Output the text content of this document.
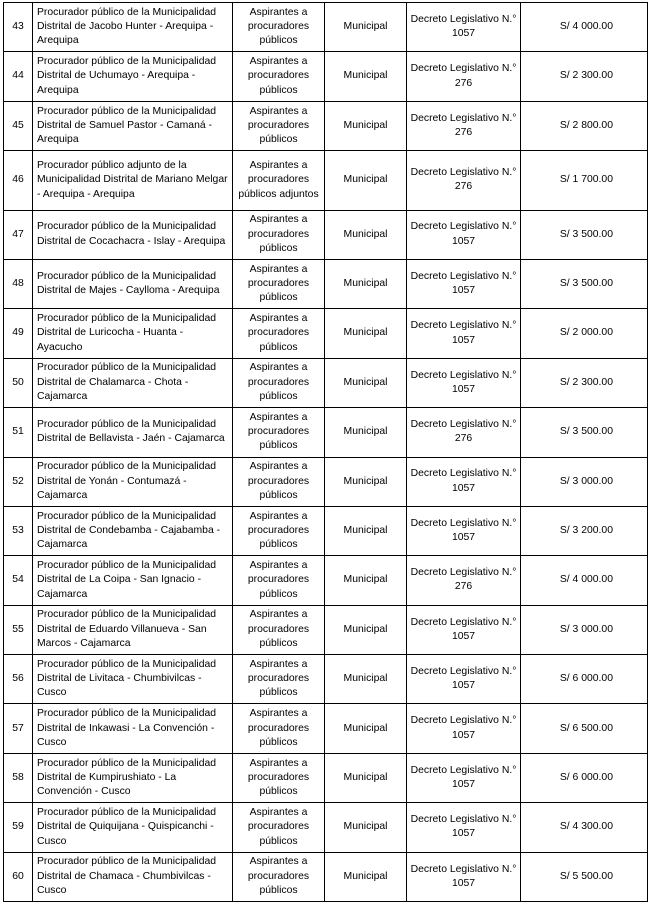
43	Procurador público de la Municipalidad Distrital de Jacobo Hunter - Arequipa - Arequipa	Aspirantes a procuradores públicos	Municipal	Decreto Legislativo N.° 1057	S/ 4 000.00
44	Procurador público de la Municipalidad Distrital de Uchumayo - Arequipa - Arequipa	Aspirantes a procuradores públicos	Municipal	Decreto Legislativo N.° 276	S/ 2 300.00
45	Procurador público de la Municipalidad Distrital de Samuel Pastor - Camaná - Arequipa	Aspirantes a procuradores públicos	Municipal	Decreto Legislativo N.° 276	S/ 2 800.00
46	Procurador público adjunto de la Municipalidad Distrital de Mariano Melgar - Arequipa - Arequipa	Aspirantes a procuradores públicos adjuntos	Municipal	Decreto Legislativo N.° 276	S/ 1 700.00
47	Procurador público de la Municipalidad Distrital de Cocachacra - Islay - Arequipa	Aspirantes a procuradores públicos	Municipal	Decreto Legislativo N.° 1057	S/ 3 500.00
48	Procurador público de la Municipalidad Distrital de Majes - Caylloma - Arequipa	Aspirantes a procuradores públicos	Municipal	Decreto Legislativo N.° 1057	S/ 3 500.00
49	Procurador público de la Municipalidad Distrital de Luricocha - Huanta - Ayacucho	Aspirantes a procuradores públicos	Municipal	Decreto Legislativo N.° 1057	S/ 2 000.00
50	Procurador público de la Municipalidad Distrital de Chalamarca - Chota - Cajamarca	Aspirantes a procuradores públicos	Municipal	Decreto Legislativo N.° 1057	S/ 2 300.00
51	Procurador público de la Municipalidad Distrital de Bellavista - Jaén - Cajamarca	Aspirantes a procuradores públicos	Municipal	Decreto Legislativo N.° 276	S/ 3 500.00
52	Procurador público de la Municipalidad Distrital de Yonán - Contumazá - Cajamarca	Aspirantes a procuradores públicos	Municipal	Decreto Legislativo N.° 1057	S/ 3 000.00
53	Procurador público de la Municipalidad Distrital de Condebamba - Cajabamba - Cajamarca	Aspirantes a procuradores públicos	Municipal	Decreto Legislativo N.° 1057	S/ 3 200.00
54	Procurador público de la Municipalidad Distrital de La Coipa - San Ignacio - Cajamarca	Aspirantes a procuradores públicos	Municipal	Decreto Legislativo N.° 276	S/ 4 000.00
55	Procurador público de la Municipalidad Distrital de Eduardo Villanueva - San Marcos - Cajamarca	Aspirantes a procuradores públicos	Municipal	Decreto Legislativo N.° 1057	S/ 3 000.00
56	Procurador público de la Municipalidad Distrital de Livitaca - Chumbivilcas - Cusco	Aspirantes a procuradores públicos	Municipal	Decreto Legislativo N.° 1057	S/ 6 000.00
57	Procurador público de la Municipalidad Distrital de Inkawasi - La Convención - Cusco	Aspirantes a procuradores públicos	Municipal	Decreto Legislativo N.° 1057	S/ 6 500.00
58	Procurador público de la Municipalidad Distrital de Kumpirushiato - La Convención - Cusco	Aspirantes a procuradores públicos	Municipal	Decreto Legislativo N.° 1057	S/ 6 000.00
59	Procurador público de la Municipalidad Distrital de Quiquijana - Quispicanchi - Cusco	Aspirantes a procuradores públicos	Municipal	Decreto Legislativo N.° 1057	S/ 4 300.00
60	Procurador público de la Municipalidad Distrital de Chamaca - Chumbivilcas - Cusco	Aspirantes a procuradores públicos	Municipal	Decreto Legislativo N.° 1057	S/ 5 500.00
